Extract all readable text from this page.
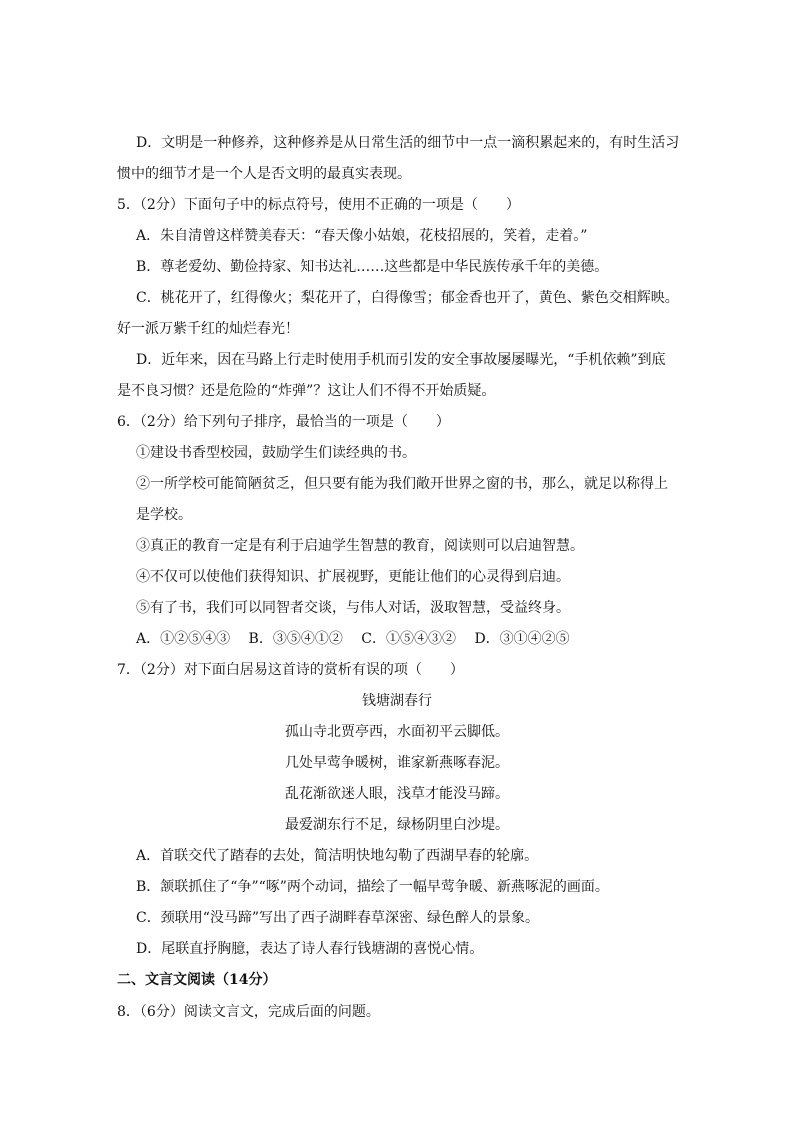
D．文明是一种修养，这种修养是从日常生活的细节中一点一滴积累起来的，有时生活习
惯中的细节才是一个人是否文明的最真实表现。
5．（2分）下面句子中的标点符号，使用不正确的一项是（　　）
A．朱自清曾这样赞美春天：“春天像小姑娘，花枝招展的，笑着，走着。”
B．尊老爱幼、勤俭持家、知书达礼……这些都是中华民族传承千年的美德。
C．桃花开了，红得像火；梨花开了，白得像雪；郁金香也开了，黄色、紫色交相辉映。
好一派万紫千红的灿烂春光！
D．近年来，因在马路上行走时使用手机而引发的安全事故屡屡曝光，“手机依赖”到底
是不良习惯？还是危险的“炸弹”？这让人们不得不开始质疑。
6．（2分）给下列句子排序，最恰当的一项是（　　）
①建设书香型校园，鼓励学生们读经典的书。
②一所学校可能简陋贫乏，但只要有能为我们敞开世界之窗的书，那么，就足以称得上
是学校。
③真正的教育一定是有利于启迪学生智慧的教育，阅读则可以启迪智慧。
④不仅可以使他们获得知识、扩展视野，更能让他们的心灵得到启迪。
⑤有了书，我们可以同智者交谈，与伟人对话，汲取智慧，受益终身。
A．①②⑤④③　 B．③⑤④①②　 C．①⑤④③②　 D．③①④②⑤
7．（2分）对下面白居易这首诗的赏析有误的项（　　）
钱塘湖春行
孤山寺北贾亭西，水面初平云脚低。
几处早莺争暖树，谁家新燕啄春泥。
乱花渐欲迷人眼，浅草才能没马蹄。
最爱湖东行不足，绿杨阴里白沙堤。
A．首联交代了踏春的去处，简洁明快地勾勒了西湖早春的轮廓。
B．颔联抓住了“争”“啄”两个动词，描绘了一幅早莺争暖、新燕啄泥的画面。
C．颈联用“没马蹄”写出了西子湖畔春草深密、绿色醉人的景象。
D．尾联直抒胸臆，表达了诗人春行钱塘湖的喜悦心情。
二、文言文阅读（14分）
8．（6分）阅读文言文，完成后面的问题。
